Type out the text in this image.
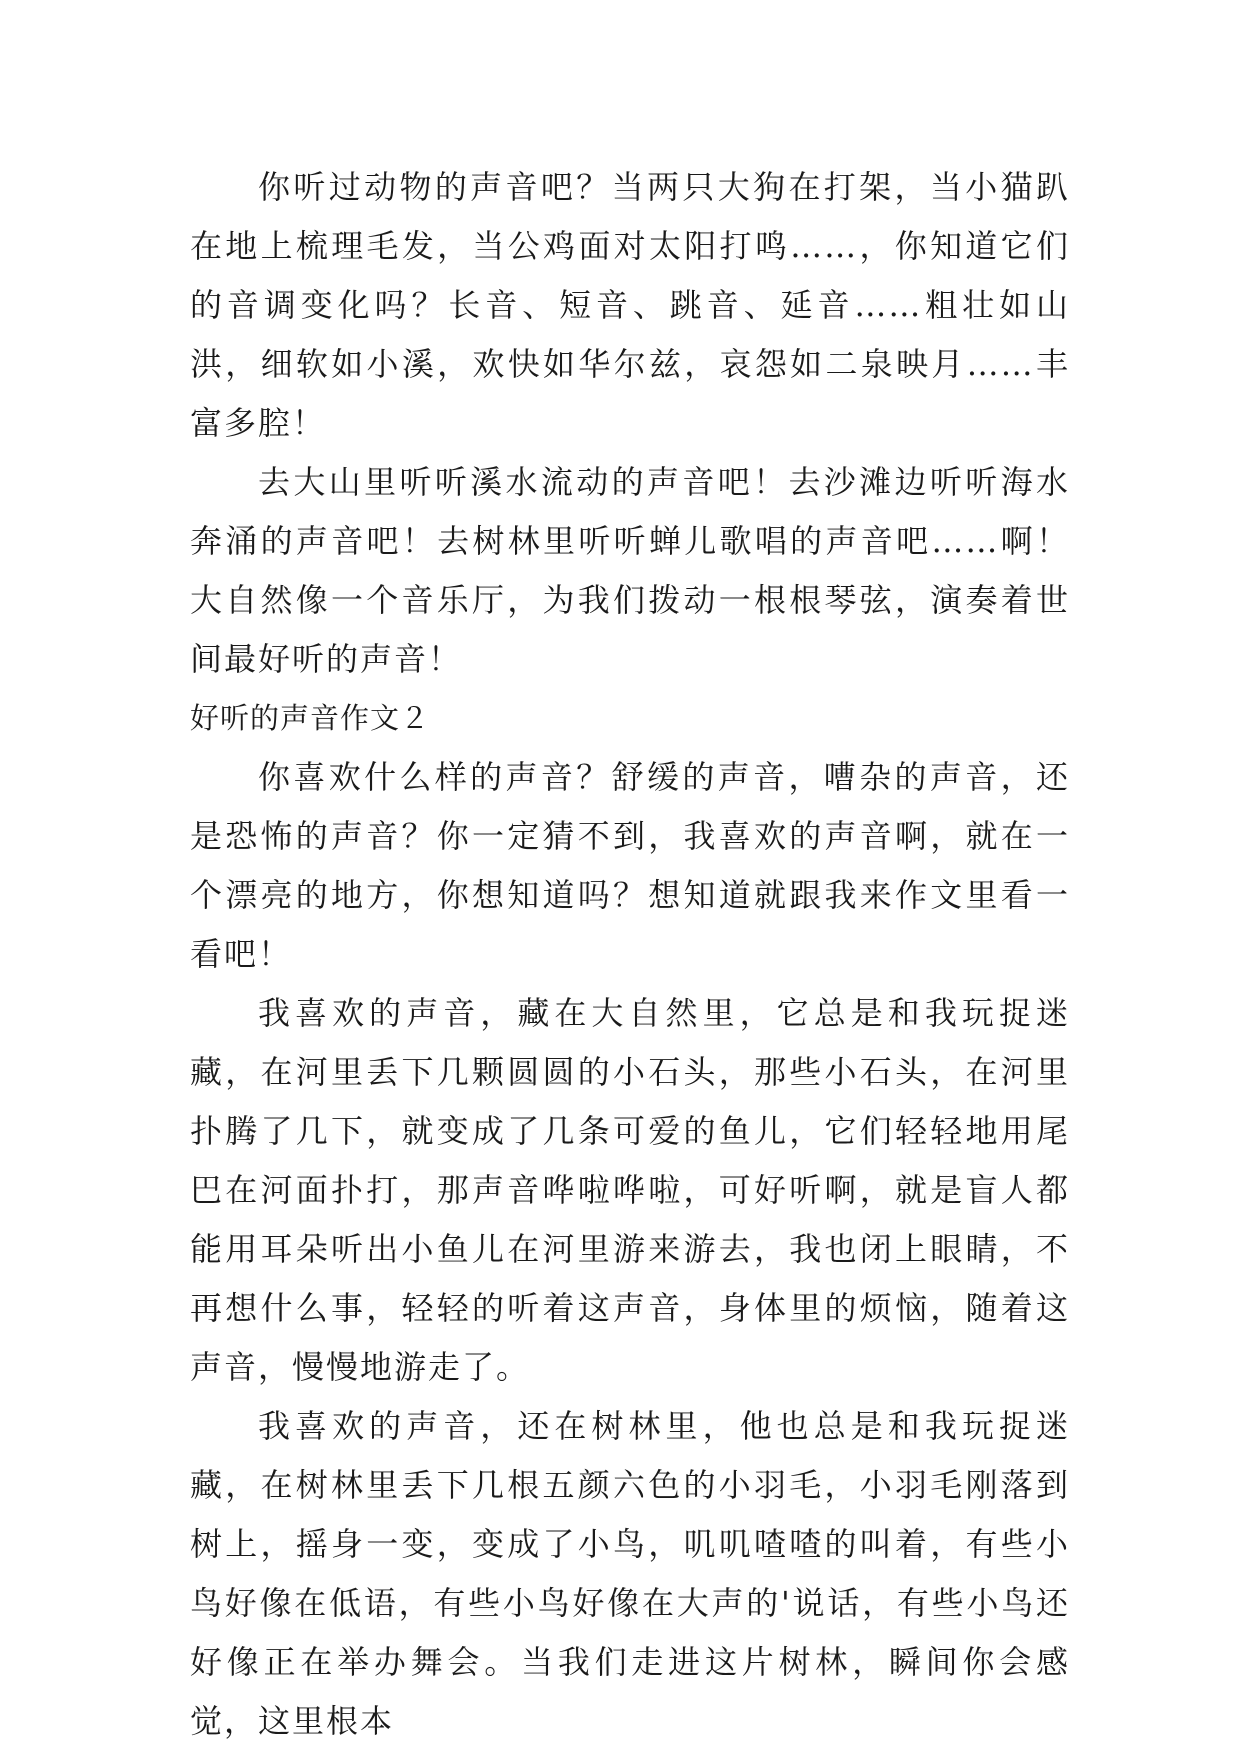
你听过动物的声音吧？当两只大狗在打架，当小猫趴在地上梳理毛发，当公鸡面对太阳打鸣……，你知道它们的音调变化吗？长音、短音、跳音、延音……粗壮如山洪，细软如小溪，欢快如华尔兹，哀怨如二泉映月……丰富多腔！

去大山里听听溪水流动的声音吧！去沙滩边听听海水奔涌的声音吧！去树林里听听蝉儿歌唱的声音吧……啊！大自然像一个音乐厅，为我们拨动一根根琴弦，演奏着世间最好听的声音！

好听的声音作文２

你喜欢什么样的声音？舒缓的声音，嘈杂的声音，还是恐怖的声音？你一定猜不到，我喜欢的声音啊，就在一个漂亮的地方，你想知道吗？想知道就跟我来作文里看一看吧！

我喜欢的声音，藏在大自然里，它总是和我玩捉迷藏，在河里丢下几颗圆圆的小石头，那些小石头，在河里扑腾了几下，就变成了几条可爱的鱼儿，它们轻轻地用尾巴在河面扑打，那声音哗啦哗啦，可好听啊，就是盲人都能用耳朵听出小鱼儿在河里游来游去，我也闭上眼睛，不再想什么事，轻轻的听着这声音，身体里的烦恼，随着这声音，慢慢地游走了。

我喜欢的声音，还在树林里，他也总是和我玩捉迷藏，在树林里丢下几根五颜六色的小羽毛，小羽毛刚落到树上，摇身一变，变成了小鸟，叽叽喳喳的叫着，有些小鸟好像在低语，有些小鸟好像在大声的'说话，有些小鸟还好像正在举办舞会。当我们走进这片树林，瞬间你会感觉，这里根本
